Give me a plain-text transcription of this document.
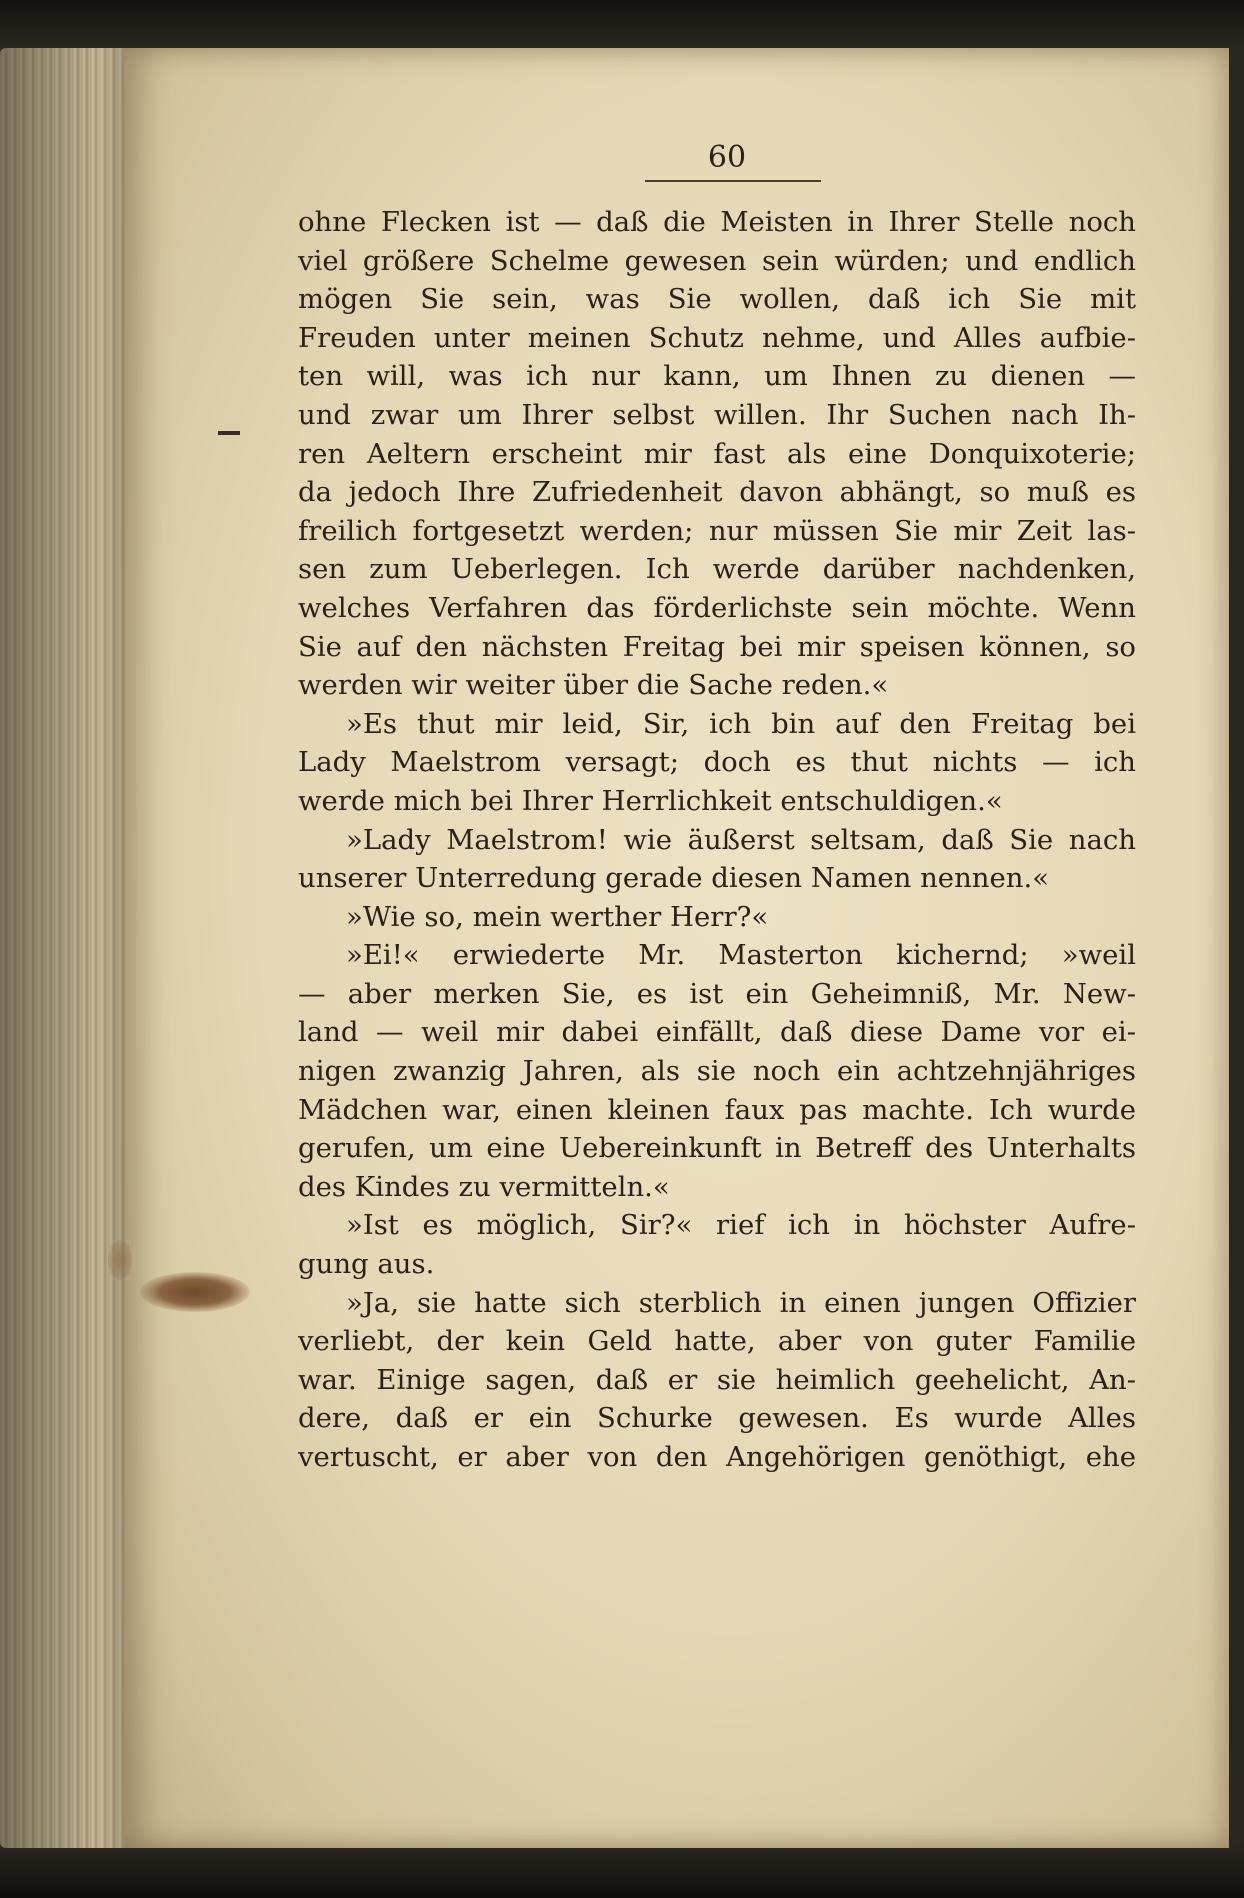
60
ohne Flecken ist — daß die Meisten in Ihrer Stelle noch
viel größere Schelme gewesen sein würden; und endlich
mögen Sie sein, was Sie wollen, daß ich Sie mit
Freuden unter meinen Schutz nehme, und Alles aufbie-
ten will, was ich nur kann, um Ihnen zu dienen —
und zwar um Ihrer selbst willen. Ihr Suchen nach Ih-
ren Aeltern erscheint mir fast als eine Donquixoterie;
da jedoch Ihre Zufriedenheit davon abhängt, so muß es
freilich fortgesetzt werden; nur müssen Sie mir Zeit las-
sen zum Ueberlegen. Ich werde darüber nachdenken,
welches Verfahren das förderlichste sein möchte. Wenn
Sie auf den nächsten Freitag bei mir speisen können, so
werden wir weiter über die Sache reden.«
»Es thut mir leid, Sir, ich bin auf den Freitag bei
Lady Maelstrom versagt; doch es thut nichts — ich
werde mich bei Ihrer Herrlichkeit entschuldigen.«
»Lady Maelstrom! wie äußerst seltsam, daß Sie nach
unserer Unterredung gerade diesen Namen nennen.«
»Wie so, mein werther Herr?«
»Ei!« erwiederte Mr. Masterton kichernd; »weil
— aber merken Sie, es ist ein Geheimniß, Mr. New-
land — weil mir dabei einfällt, daß diese Dame vor ei-
nigen zwanzig Jahren, als sie noch ein achtzehnjähriges
Mädchen war, einen kleinen faux pas machte. Ich wurde
gerufen, um eine Uebereinkunft in Betreff des Unterhalts
des Kindes zu vermitteln.«
»Ist es möglich, Sir?« rief ich in höchster Aufre-
gung aus.
»Ja, sie hatte sich sterblich in einen jungen Offizier
verliebt, der kein Geld hatte, aber von guter Familie
war. Einige sagen, daß er sie heimlich geehelicht, An-
dere, daß er ein Schurke gewesen. Es wurde Alles
vertuscht, er aber von den Angehörigen genöthigt, ehe
